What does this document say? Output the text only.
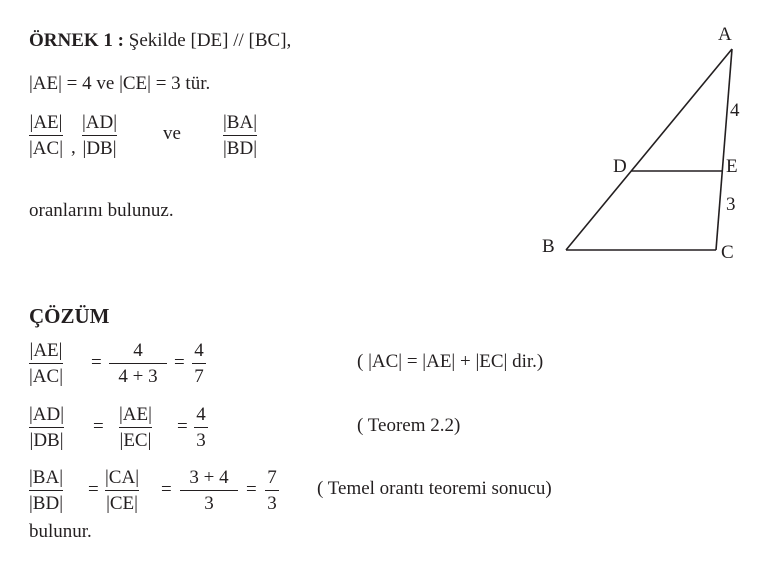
ÖRNEK 1 : Şekilde [DE] // [BC],
|AE| = 4 ve |CE| = 3 tür.
|AE|
|AC| ,
|AD|
|DB|
ve
|BA|
|BD|
oranlarını bulunuz.
A
B	C
D	E
4
3
ÇÖZÜM
|AE|
|AC|
=
4
4 + 3
=
4
7
( |AC| = |AE| + |EC| dir.)
|AD|
|DB|
=
|AE|
|EC|
=
4
3
( Teorem 2.2)
|BA|
|BD|
=
|CA|
|CE|
=
3 + 4
3
=
7
3
( Temel orantı teoremi sonucu)
bulunur.
